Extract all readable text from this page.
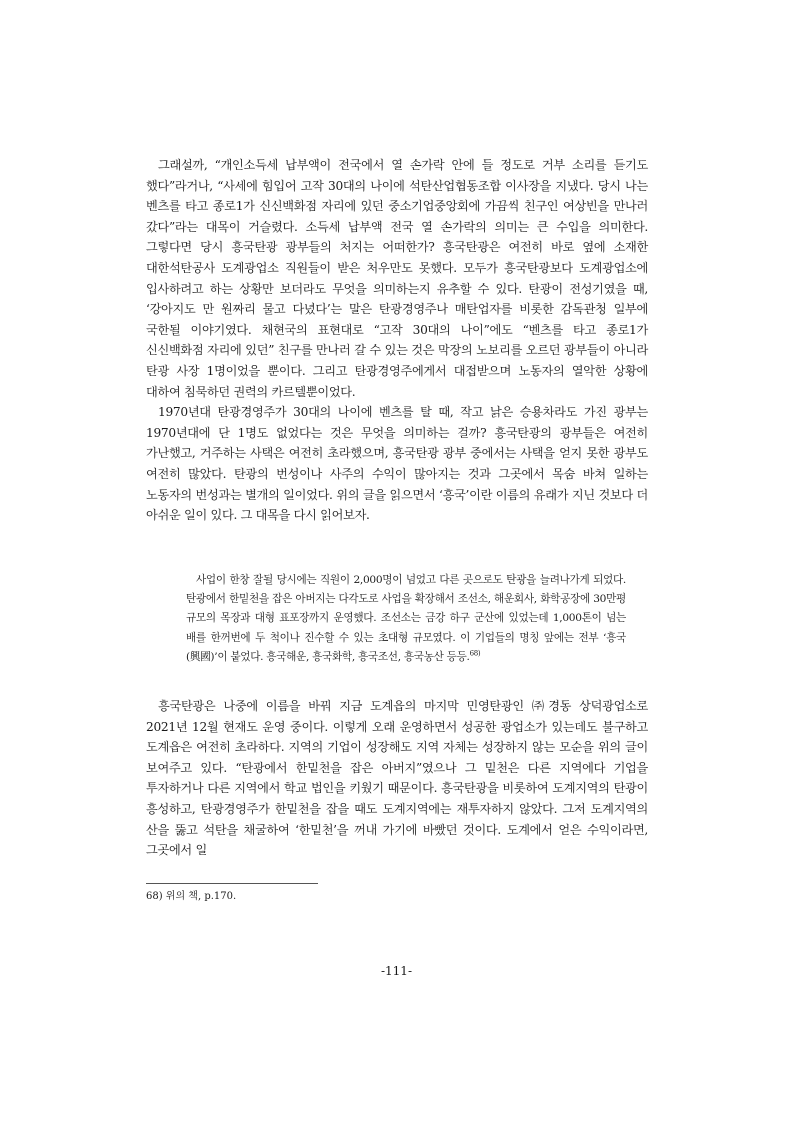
그래설까, “개인소득세 납부액이 전국에서 열 손가락 안에 들 정도로 거부 소리를 듣기도 했다”라거나, “사세에 힘입어 고작 30대의 나이에 석탄산업협동조합 이사장을 지냈다. 당시 나는 벤츠를 타고 종로1가 신신백화점 자리에 있던 중소기업중앙회에 가끔씩 친구인 여상빈을 만나러 갔다”라는 대목이 거슬렸다. 소득세 납부액 전국 열 손가락의 의미는 큰 수입을 의미한다. 그렇다면 당시 흥국탄광 광부들의 처지는 어떠한가? 흥국탄광은 여전히 바로 옆에 소재한 대한석탄공사 도계광업소 직원들이 받은 처우만도 못했다. 모두가 흥국탄광보다 도계광업소에 입사하려고 하는 상황만 보더라도 무엇을 의미하는지 유추할 수 있다. 탄광이 전성기였을 때, ‘강아지도 만 원짜리 물고 다녔다’는 말은 탄광경영주나 매탄업자를 비롯한 감독관청 일부에 국한될 이야기였다. 채현국의 표현대로 “고작 30대의 나이”에도 “벤츠를 타고 종로1가 신신백화점 자리에 있던” 친구를 만나러 갈 수 있는 것은 막장의 노보리를 오르던 광부들이 아니라 탄광 사장 1명이었을 뿐이다. 그리고 탄광경영주에게서 대접받으며 노동자의 열악한 상황에 대하여 침묵하던 권력의 카르텔뿐이었다.

1970년대 탄광경영주가 30대의 나이에 벤츠를 탈 때, 작고 낡은 승용차라도 가진 광부는 1970년대에 단 1명도 없었다는 것은 무엇을 의미하는 걸까? 흥국탄광의 광부들은 여전히 가난했고, 거주하는 사택은 여전히 초라했으며, 흥국탄광 광부 중에서는 사택을 얻지 못한 광부도 여전히 많았다. 탄광의 번성이나 사주의 수익이 많아지는 것과 그곳에서 목숨 바쳐 일하는 노동자의 번성과는 별개의 일이었다. 위의 글을 읽으면서 ‘흥국’이란 이름의 유래가 지닌 것보다 더 아쉬운 일이 있다. 그 대목을 다시 읽어보자.

사업이 한창 잘될 당시에는 직원이 2,000명이 넘었고 다른 곳으로도 탄광을 늘려나가게 되었다. 탄광에서 한밑천을 잡은 아버지는 다각도로 사업을 확장해서 조선소, 해운회사, 화학공장에 30만평 규모의 목장과 대형 표포장까지 운영했다. 조선소는 금강 하구 군산에 있었는데 1,000톤이 넘는 배를 한꺼번에 두 척이나 진수할 수 있는 초대형 규모였다. 이 기업들의 명칭 앞에는 전부 ‘흥국(興國)’이 붙었다. 흥국해운, 흥국화학, 흥국조선, 흥국농산 등등.$^{68)}$

흥국탄광은 나중에 이름을 바꿔 지금 도계읍의 마지막 민영탄광인 ㈜경동 상덕광업소로 2021년 12월 현재도 운영 중이다. 이렇게 오래 운영하면서 성공한 광업소가 있는데도 불구하고 도계읍은 여전히 초라하다. 지역의 기업이 성장해도 지역 자체는 성장하지 않는 모순을 위의 글이 보여주고 있다. “탄광에서 한밑천을 잡은 아버지”였으나 그 밑천은 다른 지역에다 기업을 투자하거나 다른 지역에서 학교 법인을 키웠기 때문이다. 흥국탄광을 비롯하여 도계지역의 탄광이 흥성하고, 탄광경영주가 한밑천을 잡을 때도 도계지역에는 재투자하지 않았다. 그저 도계지역의 산을 뚫고 석탄을 채굴하여 ‘한밑천’을 꺼내 가기에 바빴던 것이다. 도계에서 얻은 수익이라면, 그곳에서 일

68) 위의 책, p.170.
-111-
